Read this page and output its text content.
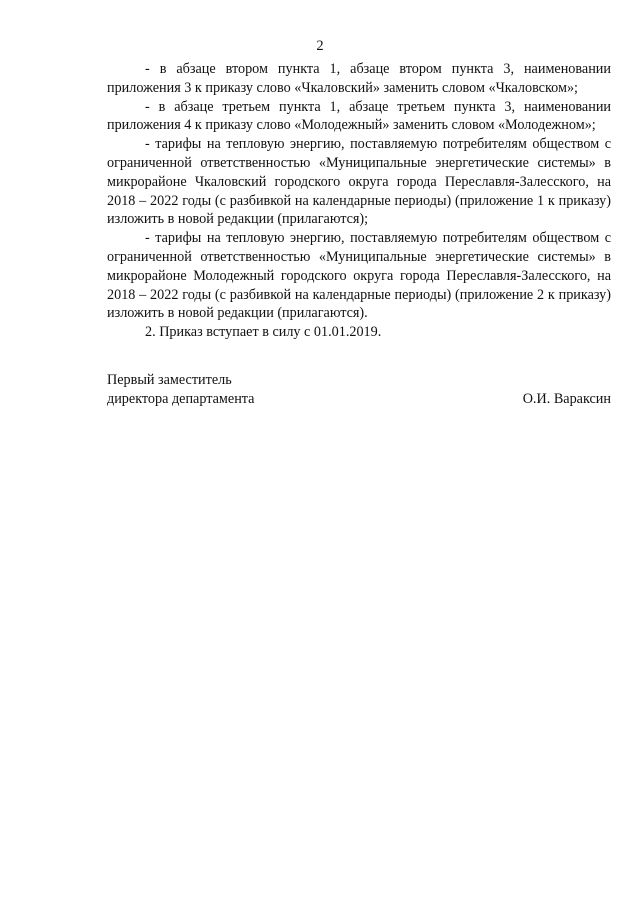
2

- в абзаце втором пункта 1, абзаце втором пункта 3, наименовании приложения 3 к приказу слово «Чкаловский» заменить словом «Чкаловском»;

- в абзаце третьем пункта 1, абзаце третьем пункта 3, наименовании приложения 4 к приказу слово «Молодежный» заменить словом «Молодежном»;

- тарифы на тепловую энергию, поставляемую потребителям обществом с ограниченной ответственностью «Муниципальные энергетические системы» в микрорайоне Чкаловский городского округа города Переславля-Залесского, на 2018 – 2022 годы (с разбивкой на календарные периоды) (приложение 1 к приказу) изложить в новой редакции (прилагаются);

- тарифы на тепловую энергию, поставляемую потребителям обществом с ограниченной ответственностью «Муниципальные энергетические системы» в микрорайоне Молодежный городского округа города Переславля-Залесского, на 2018 – 2022 годы (с разбивкой на календарные периоды) (приложение 2 к приказу) изложить в новой редакции (прилагаются).

2. Приказ вступает в силу с 01.01.2019.

Первый заместитель
директора департамента	О.И. Вараксин
